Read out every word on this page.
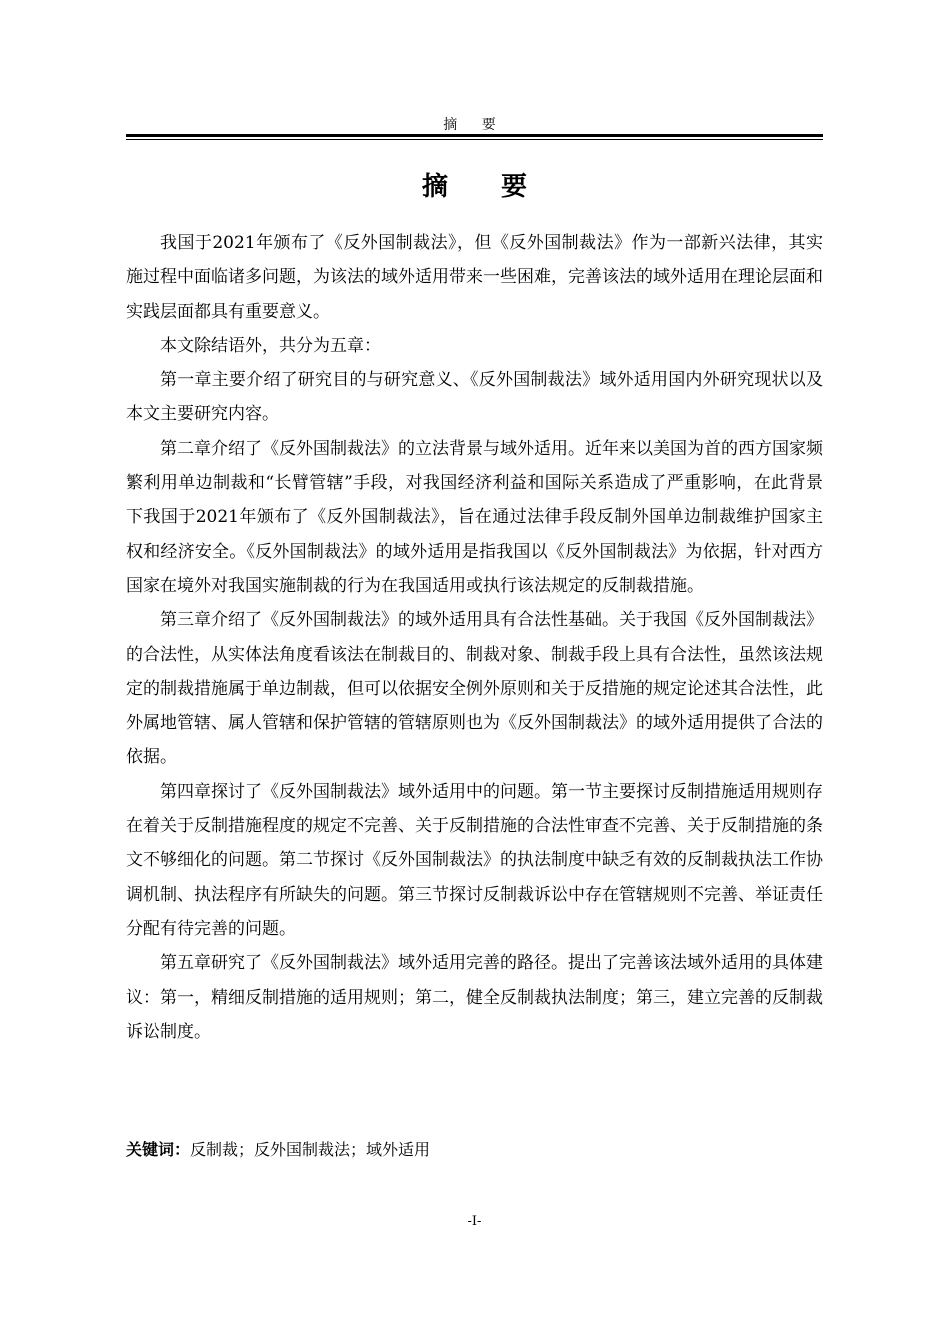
摘 要
摘 要

我国于2021年颁布了《反外国制裁法》，但《反外国制裁法》作为一部新兴法律，其实施过程中面临诸多问题，为该法的域外适用带来一些困难，完善该法的域外适用在理论层面和实践层面都具有重要意义。

本文除结语外，共分为五章：

第一章主要介绍了研究目的与研究意义、《反外国制裁法》域外适用国内外研究现状以及本文主要研究内容。

第二章介绍了《反外国制裁法》的立法背景与域外适用。近年来以美国为首的西方国家频繁利用单边制裁和“长臂管辖”手段，对我国经济利益和国际关系造成了严重影响，在此背景下我国于2021年颁布了《反外国制裁法》，旨在通过法律手段反制外国单边制裁维护国家主权和经济安全。《反外国制裁法》的域外适用是指我国以《反外国制裁法》为依据，针对西方国家在境外对我国实施制裁的行为在我国适用或执行该法规定的反制裁措施。

第三章介绍了《反外国制裁法》的域外适用具有合法性基础。关于我国《反外国制裁法》的合法性，从实体法角度看该法在制裁目的、制裁对象、制裁手段上具有合法性，虽然该法规定的制裁措施属于单边制裁，但可以依据安全例外原则和关于反措施的规定论述其合法性，此外属地管辖、属人管辖和保护管辖的管辖原则也为《反外国制裁法》的域外适用提供了合法的依据。

第四章探讨了《反外国制裁法》域外适用中的问题。第一节主要探讨反制措施适用规则存在着关于反制措施程度的规定不完善、关于反制措施的合法性审查不完善、关于反制措施的条文不够细化的问题。第二节探讨《反外国制裁法》的执法制度中缺乏有效的反制裁执法工作协调机制、执法程序有所缺失的问题。第三节探讨反制裁诉讼中存在管辖规则不完善、举证责任分配有待完善的问题。

第五章研究了《反外国制裁法》域外适用完善的路径。提出了完善该法域外适用的具体建议：第一，精细反制措施的适用规则；第二，健全反制裁执法制度；第三，建立完善的反制裁诉讼制度。

关键词：反制裁；反外国制裁法；域外适用
-I-
